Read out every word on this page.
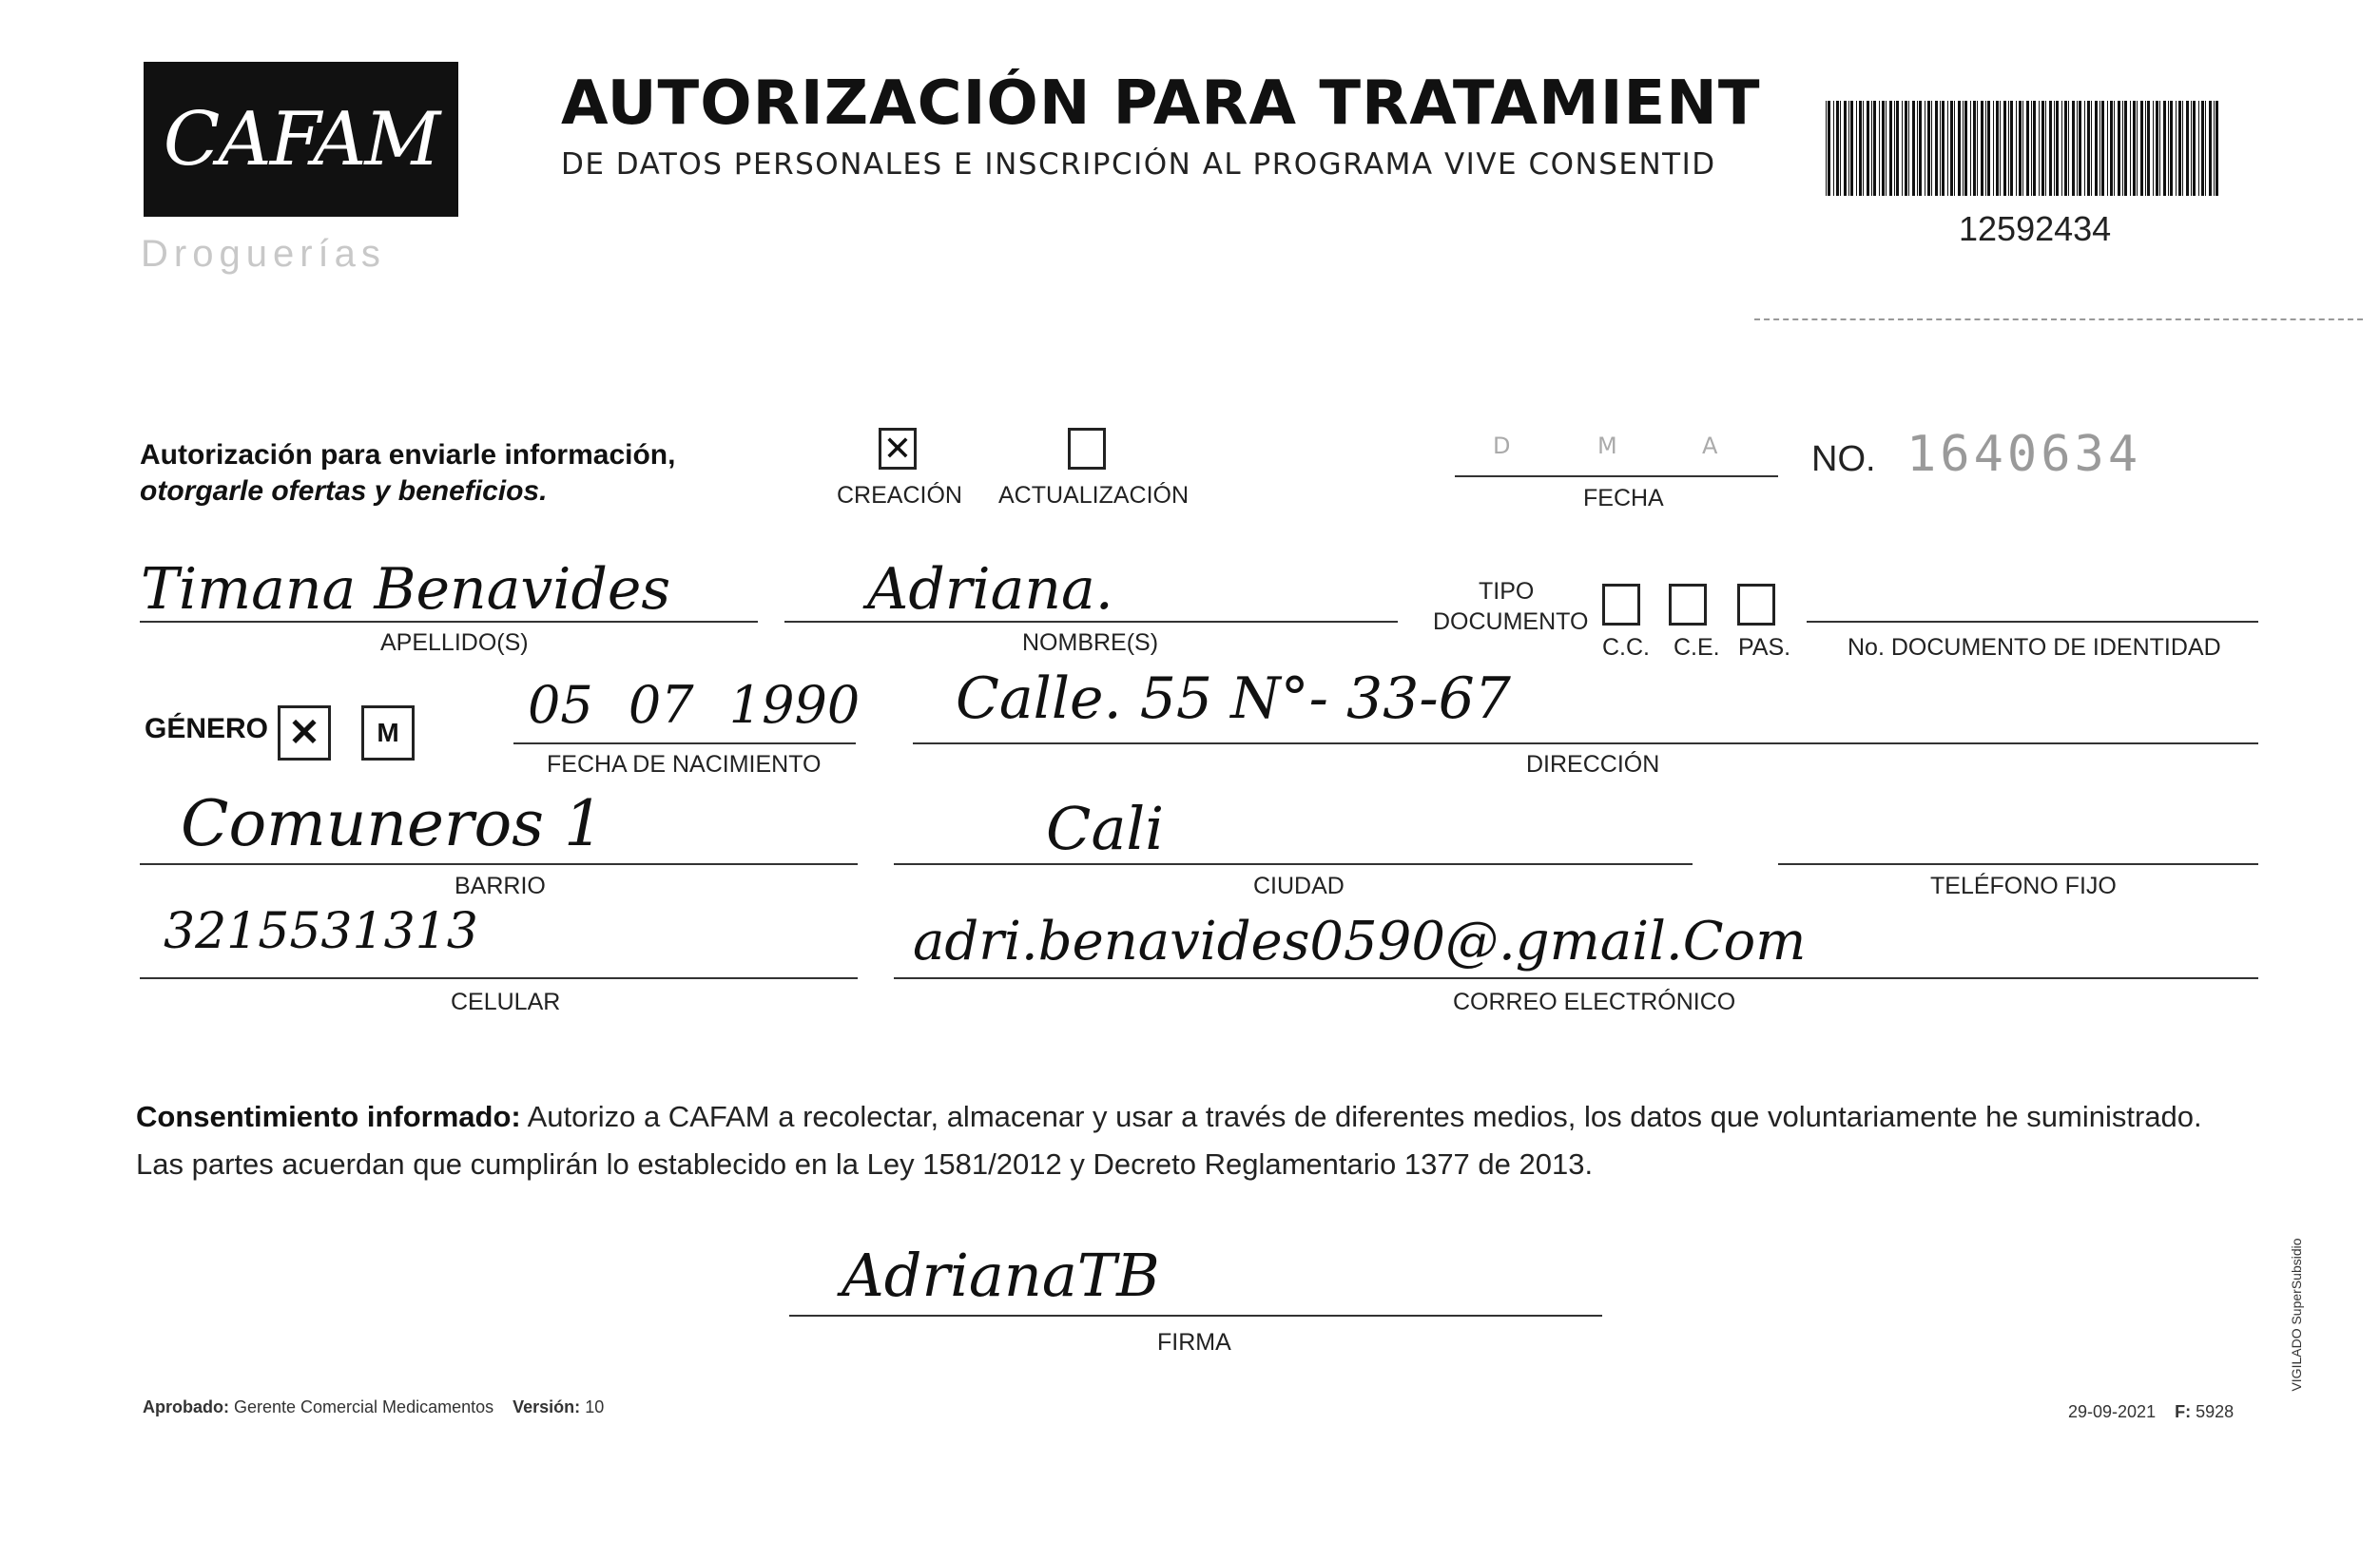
CAFAM
Droguerías
AUTORIZACIÓN PARA TRATAMIENT
DE DATOS PERSONALES E INSCRIPCIÓN AL PROGRAMA VIVE CONSENTID
12592434
Autorización para enviarle información,
otorgarle ofertas y beneficios.
✕
CREACIÓN ACTUALIZACIÓN
D	M	A
FECHA
NO. 1640634
Timana Benavides
APELLIDO(S)
Adriana.
NOMBRE(S)
TIPO
DOCUMENTO
C.C. C.E. PAS. No. DOCUMENTO DE IDENTIDAD
GÉNERO ✕ M	05 07 1990
FECHA DE NACIMIENTO
Calle. 55 N°- 33-67
DIRECCIÓN
Comuneros 1
BARRIO
Cali
CIUDAD	TELÉFONO FIJO
3215531313
CELULAR
adri.benavides0590@.gmail.Com
CORREO ELECTRÓNICO
Consentimiento informado: Autorizo a CAFAM a recolectar, almacenar y usar a través de diferentes medios, los datos que voluntariamente he suministrado. Las partes acuerdan que cumplirán lo establecido en la Ley 1581/2012 y Decreto Reglamentario 1377 de 2013.
AdrianaTB
FIRMA
Aprobado: Gerente Comercial Medicamentos Versión: 10	29-09-2021 F: 5928
VIGILADO SuperSubsidio
